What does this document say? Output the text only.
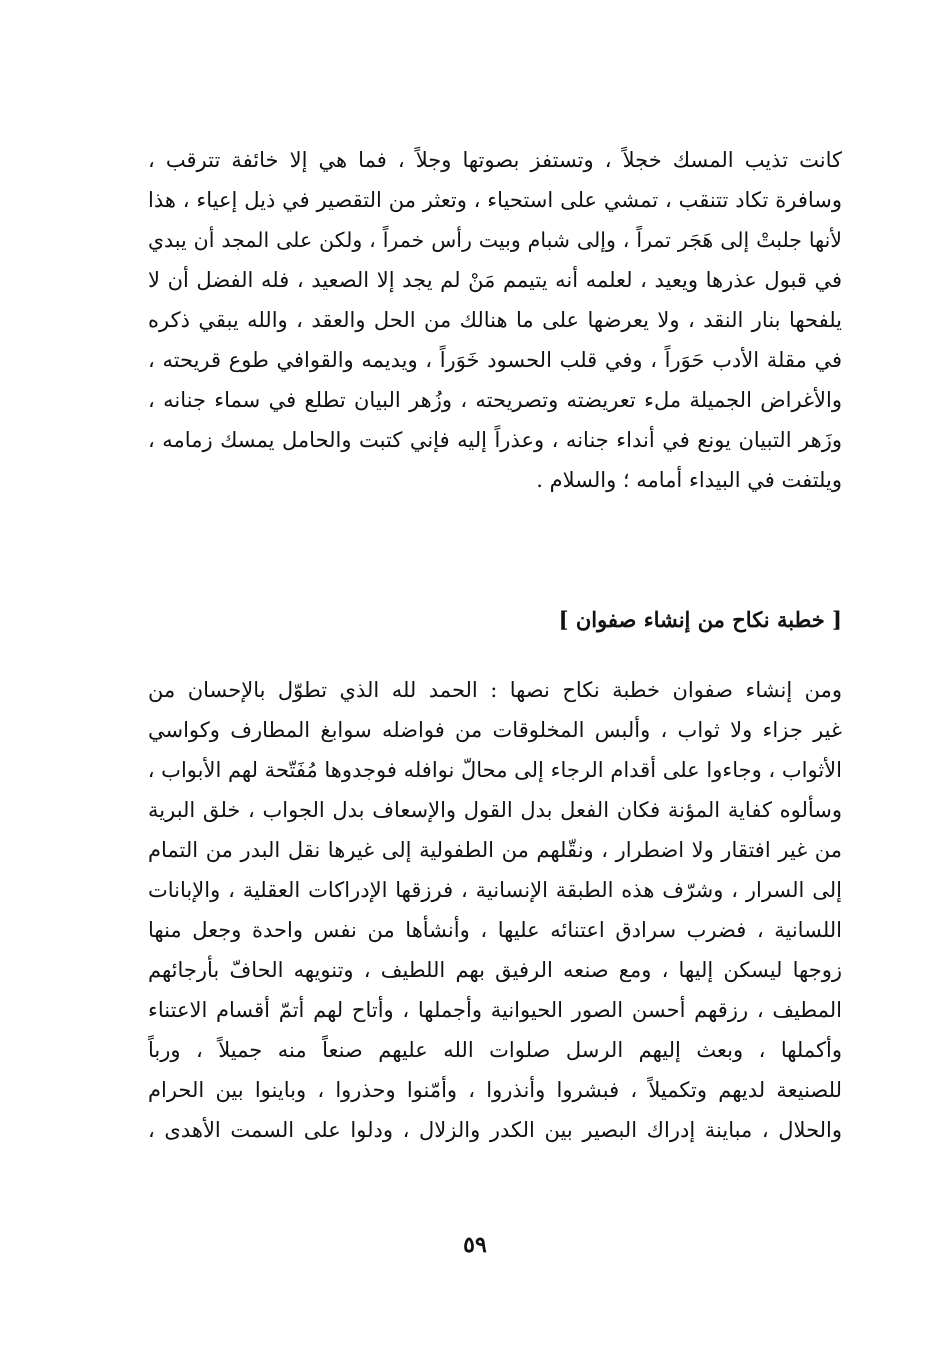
كانت تذيب المسك خجلاً ، وتستفز بصوتها وجلاً ، فما هي إلا خائفة تترقب ،
وسافرة تكاد تتنقب ، تمشي على استحياء ، وتعثر من التقصير في ذيل إعياء ، هذا
لأنها جلبتْ إلى هَجَر تمراً ، وإلى شبام وبيت رأس خمراً ، ولكن على المجد أن يبدي
في قبول عذرها ويعيد ، لعلمه أنه يتيمم مَنْ لم يجد إلا الصعيد ، فله الفضل أن لا
يلفحها بنار النقد ، ولا يعرضها على ما هنالك من الحل والعقد ، والله يبقي ذكره
في مقلة الأدب حَوَراً ، وفي قلب الحسود خَوَراً ، ويديمه والقوافي طوع قريحته ،
والأغراض الجميلة ملء تعريضته وتصريحته ، وزُهر البيان تطلع في سماء جنانه ،
وزَهر التبيان يونع في أنداء جنانه ، وعذراً إليه فإني كتبت والحامل يمسك زمامه ،
ويلتفت في البيداء أمامه ؛ والسلام .
[ خطبة نكاح من إنشاء صفوان ]
ومن إنشاء صفوان خطبة نكاح نصها : الحمد لله الذي تطوّل بالإحسان من
غير جزاء ولا ثواب ، وألبس المخلوقات من فواضله سوابغ المطارف وكواسي
الأثواب ، وجاءوا على أقدام الرجاء إلى محالّ نوافله فوجدوها مُفَتّحة لهم الأبواب ،
وسألوه كفاية المؤنة فكان الفعل بدل القول والإسعاف بدل الجواب ، خلق البرية
من غير افتقار ولا اضطرار ، ونقّلهم من الطفولية إلى غيرها نقل البدر من التمام
إلى السرار ، وشرّف هذه الطبقة الإنسانية ، فرزقها الإدراكات العقلية ، والإبانات
اللسانية ، فضرب سرادق اعتنائه عليها ، وأنشأها من نفس واحدة وجعل منها
زوجها ليسكن إليها ، ومع صنعه الرفيق بهم اللطيف ، وتنويهه الحافّ بأرجائهم
المطيف ، رزقهم أحسن الصور الحيوانية وأجملها ، وأتاح لهم أتمّ أقسام الاعتناء
وأكملها ، وبعث إليهم الرسل صلوات الله عليهم صنعاً منه جميلاً ، ورباً
للصنيعة لديهم وتكميلاً ، فبشروا وأنذروا ، وأمّنوا وحذروا ، وباينوا بين الحرام
والحلال ، مباينة إدراك البصير بين الكدر والزلال ، ودلوا على السمت الأهدى ،
٥٩
